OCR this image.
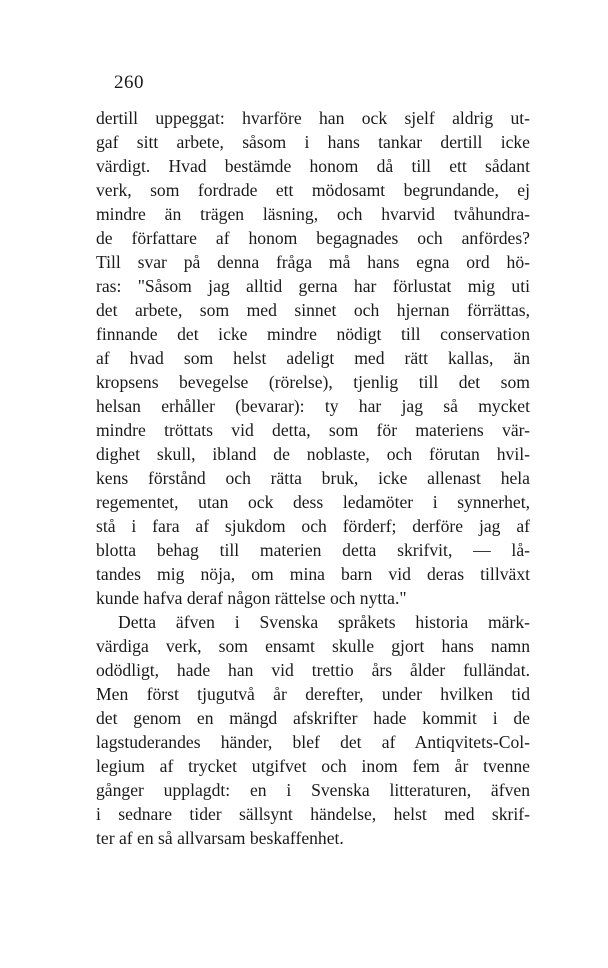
260
dertill uppeggat: hvarföre han ock sjelf aldrig ut-
gaf sitt arbete, såsom i hans tankar dertill icke
värdigt. Hvad bestämde honom då till ett sådant
verk, som fordrade ett mödosamt begrundande, ej
mindre än trägen läsning, och hvarvid tvåhundra-
de författare af honom begagnades och anfördes?
Till svar på denna fråga må hans egna ord hö-
ras: "Såsom jag alltid gerna har förlustat mig uti
det arbete, som med sinnet och hjernan förrättas,
finnande det icke mindre nödigt till conservation
af hvad som helst adeligt med rätt kallas, än
kropsens bevegelse (rörelse), tjenlig till det som
helsan erhåller (bevarar): ty har jag så mycket
mindre tröttats vid detta, som för materiens vär-
dighet skull, ibland de noblaste, och förutan hvil-
kens förstånd och rätta bruk, icke allenast hela
regementet, utan ock dess ledamöter i synnerhet,
stå i fara af sjukdom och förderf; derföre jag af
blotta behag till materien detta skrifvit, — lå-
tandes mig nöja, om mina barn vid deras tillväxt
kunde hafva deraf någon rättelse och nytta."
Detta äfven i Svenska språkets historia märk-
värdiga verk, som ensamt skulle gjort hans namn
odödligt, hade han vid trettio års ålder fulländat.
Men först tjugutvå år derefter, under hvilken tid
det genom en mängd afskrifter hade kommit i de
lagstuderandes händer, blef det af Antiqvitets-Col-
legium af trycket utgifvet och inom fem år tvenne
gånger upplagdt: en i Svenska litteraturen, äfven
i sednare tider sällsynt händelse, helst med skrif-
ter af en så allvarsam beskaffenhet.
